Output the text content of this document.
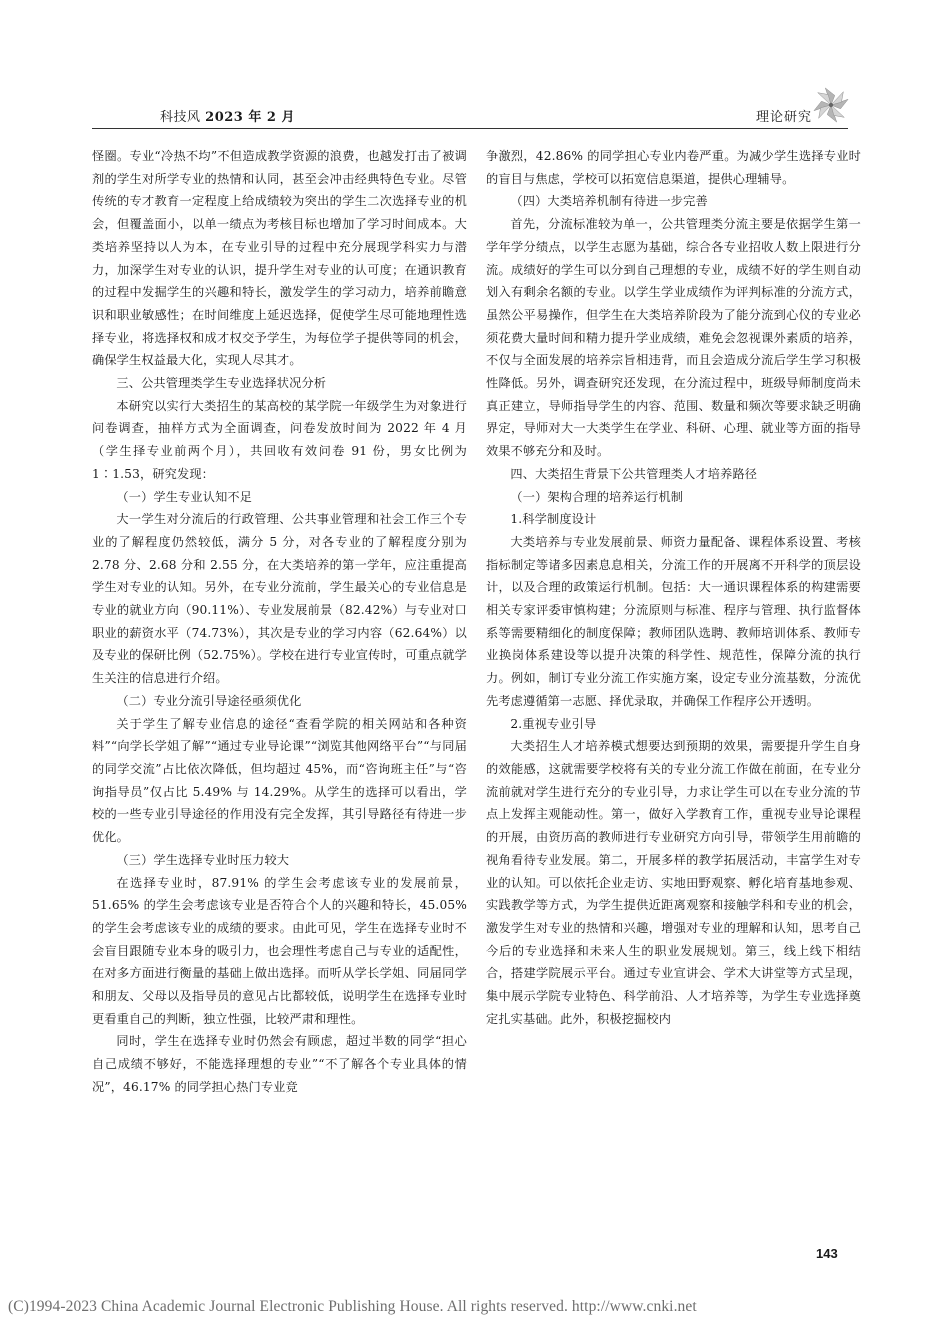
科技风 2023 年 2 月	理论研究

怪圈。专业“冷热不均”不但造成教学资源的浪费，也越发打击了被调剂的学生对所学专业的热情和认同，甚至会冲击经典特色专业。尽管传统的专才教育一定程度上给成绩较为突出的学生二次选择专业的机会，但覆盖面小，以单一绩点为考核目标也增加了学习时间成本。大类培养坚持以人为本，在专业引导的过程中充分展现学科实力与潜力，加深学生对专业的认识，提升学生对专业的认可度；在通识教育的过程中发掘学生的兴趣和特长，激发学生的学习动力，培养前瞻意识和职业敏感性；在时间维度上延迟选择，促使学生尽可能地理性选择专业，将选择权和成才权交予学生，为每位学子提供等同的机会，确保学生权益最大化，实现人尽其才。

三、公共管理类学生专业选择状况分析

本研究以实行大类招生的某高校的某学院一年级学生为对象进行问卷调查，抽样方式为全面调查，问卷发放时间为 2022 年 4 月（学生择专业前两个月），共回收有效问卷 91 份，男女比例为 1∶1.53，研究发现：

（一）学生专业认知不足

大一学生对分流后的行政管理、公共事业管理和社会工作三个专业的了解程度仍然较低，满分 5 分，对各专业的了解程度分别为 2.78 分、2.68 分和 2.55 分，在大类培养的第一学年，应注重提高学生对专业的认知。另外，在专业分流前，学生最关心的专业信息是专业的就业方向（90.11%）、专业发展前景（82.42%）与专业对口职业的薪资水平（74.73%），其次是专业的学习内容（62.64%）以及专业的保研比例（52.75%）。学校在进行专业宣传时，可重点就学生关注的信息进行介绍。

（二）专业分流引导途径亟须优化

关于学生了解专业信息的途径“查看学院的相关网站和各种资料”“向学长学姐了解”“通过专业导论课”“浏览其他网络平台”“与同届的同学交流”占比依次降低，但均超过 45%，而“咨询班主任”与“咨询指导员”仅占比 5.49% 与 14.29%。从学生的选择可以看出，学校的一些专业引导途径的作用没有完全发挥，其引导路径有待进一步优化。

（三）学生选择专业时压力较大

在选择专业时，87.91% 的学生会考虑该专业的发展前景，51.65% 的学生会考虑该专业是否符合个人的兴趣和特长，45.05% 的学生会考虑该专业的成绩的要求。由此可见，学生在选择专业时不会盲目跟随专业本身的吸引力，也会理性考虑自己与专业的适配性，在对多方面进行衡量的基础上做出选择。而听从学长学姐、同届同学和朋友、父母以及指导员的意见占比都较低，说明学生在选择专业时更看重自己的判断，独立性强，比较严肃和理性。

同时，学生在选择专业时仍然会有顾虑，超过半数的同学“担心自己成绩不够好，不能选择理想的专业”“不了解各个专业具体的情况”，46.17% 的同学担心热门专业竞

争激烈，42.86% 的同学担心专业内卷严重。为减少学生选择专业时的盲目与焦虑，学校可以拓宽信息渠道，提供心理辅导。

（四）大类培养机制有待进一步完善

首先，分流标准较为单一，公共管理类分流主要是依据学生第一学年学分绩点，以学生志愿为基础，综合各专业招收人数上限进行分流。成绩好的学生可以分到自己理想的专业，成绩不好的学生则自动划入有剩余名额的专业。以学生学业成绩作为评判标准的分流方式，虽然公平易操作，但学生在大类培养阶段为了能分流到心仪的专业必须花费大量时间和精力提升学业成绩，难免会忽视课外素质的培养，不仅与全面发展的培养宗旨相违背，而且会造成分流后学生学习积极性降低。另外，调查研究还发现，在分流过程中，班级导师制度尚未真正建立，导师指导学生的内容、范围、数量和频次等要求缺乏明确界定，导师对大一大类学生在学业、科研、心理、就业等方面的指导效果不够充分和及时。

四、大类招生背景下公共管理类人才培养路径

（一）架构合理的培养运行机制

1.科学制度设计

大类培养与专业发展前景、师资力量配备、课程体系设置、考核指标制定等诸多因素息息相关，分流工作的开展离不开科学的顶层设计，以及合理的政策运行机制。包括：大一通识课程体系的构建需要相关专家评委审慎构建；分流原则与标准、程序与管理、执行监督体系等需要精细化的制度保障；教师团队选聘、教师培训体系、教师专业换岗体系建设等以提升决策的科学性、规范性，保障分流的执行力。例如，制订专业分流工作实施方案，设定专业分流基数，分流优先考虑遵循第一志愿、择优录取，并确保工作程序公开透明。

2.重视专业引导

大类招生人才培养模式想要达到预期的效果，需要提升学生自身的效能感，这就需要学校将有关的专业分流工作做在前面，在专业分流前就对学生进行充分的专业引导，力求让学生可以在专业分流的节点上发挥主观能动性。第一，做好入学教育工作，重视专业导论课程的开展，由资历高的教师进行专业研究方向引导，带领学生用前瞻的视角看待专业发展。第二，开展多样的教学拓展活动，丰富学生对专业的认知。可以依托企业走访、实地田野观察、孵化培育基地参观、实践教学等方式，为学生提供近距离观察和接触学科和专业的机会，激发学生对专业的热情和兴趣，增强对专业的理解和认知，思考自己今后的专业选择和未来人生的职业发展规划。第三，线上线下相结合，搭建学院展示平台。通过专业宣讲会、学术大讲堂等方式呈现，集中展示学院专业特色、科学前沿、人才培养等，为学生专业选择奠定扎实基础。此外，积极挖掘校内

143
(C)1994-2023 China Academic Journal Electronic Publishing House. All rights reserved. http://www.cnki.net
